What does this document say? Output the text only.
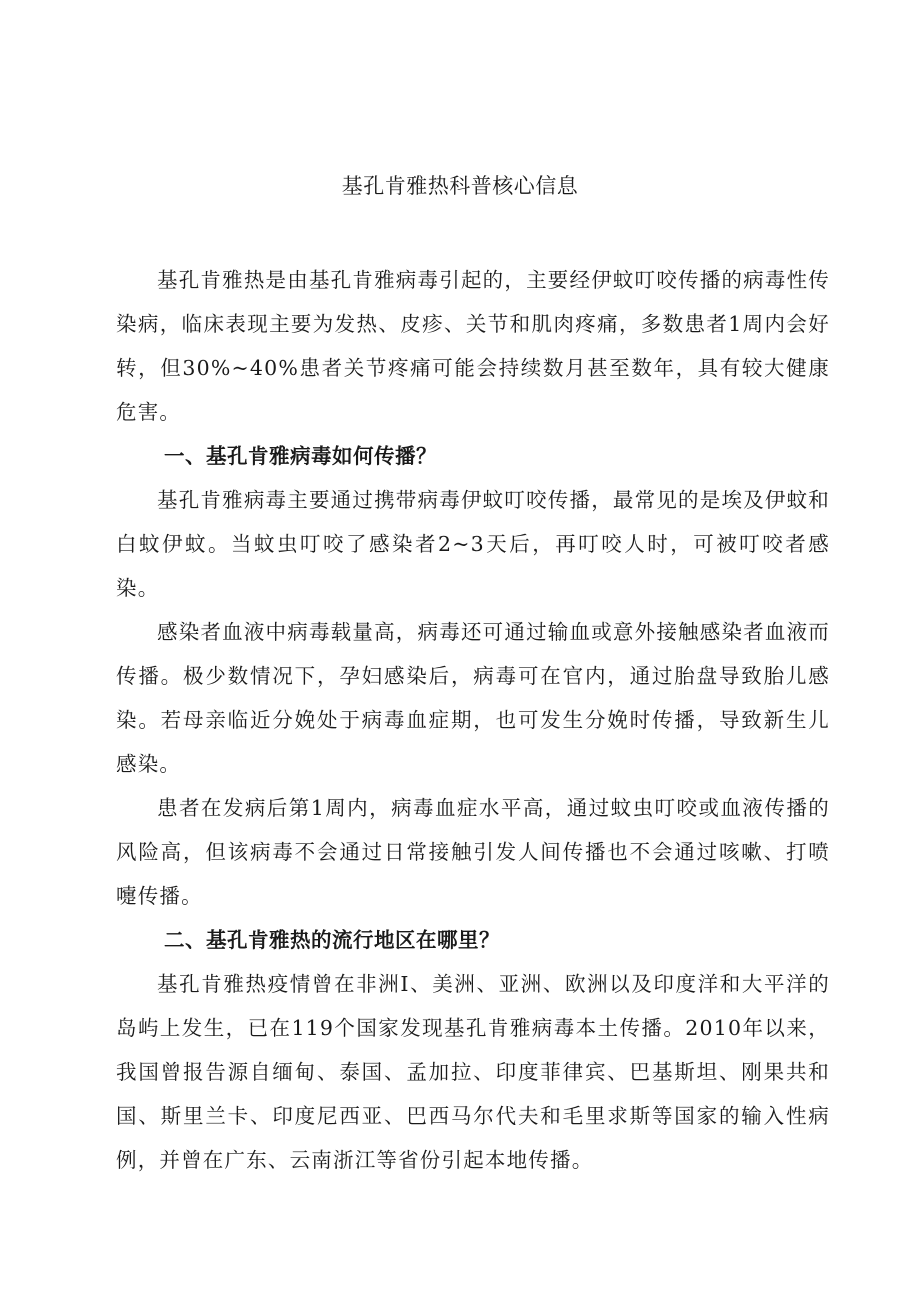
基孔肯雅热科普核心信息

基孔肯雅热是由基孔肯雅病毒引起的，主要经伊蚊叮咬传播的病毒性传染病，临床表现主要为发热、皮疹、关节和肌肉疼痛，多数患者1周内会好转，但30%~40%患者关节疼痛可能会持续数月甚至数年，具有较大健康危害。

一、基孔肯雅病毒如何传播？

基孔肯雅病毒主要通过携带病毒伊蚊叮咬传播，最常见的是埃及伊蚊和白蚊伊蚊。当蚊虫叮咬了感染者2~3天后，再叮咬人时，可被叮咬者感染。

感染者血液中病毒载量高，病毒还可通过输血或意外接触感染者血液而传播。极少数情况下，孕妇感染后，病毒可在官内，通过胎盘导致胎儿感染。若母亲临近分娩处于病毒血症期，也可发生分娩时传播，导致新生儿感染。

患者在发病后第1周内，病毒血症水平高，通过蚊虫叮咬或血液传播的风险高，但该病毒不会通过日常接触引发人间传播也不会通过咳嗽、打喷嚏传播。

二、基孔肯雅热的流行地区在哪里？

基孔肯雅热疫情曾在非洲I、美洲、亚洲、欧洲以及印度洋和大平洋的岛屿上发生，已在119个国家发现基孔肯雅病毒本土传播。2010年以来，我国曾报告源自缅甸、泰国、孟加拉、印度菲律宾、巴基斯坦、刚果共和国、斯里兰卡、印度尼西亚、巴西马尔代夫和毛里求斯等国家的输入性病例，并曾在广东、云南浙江等省份引起本地传播。
